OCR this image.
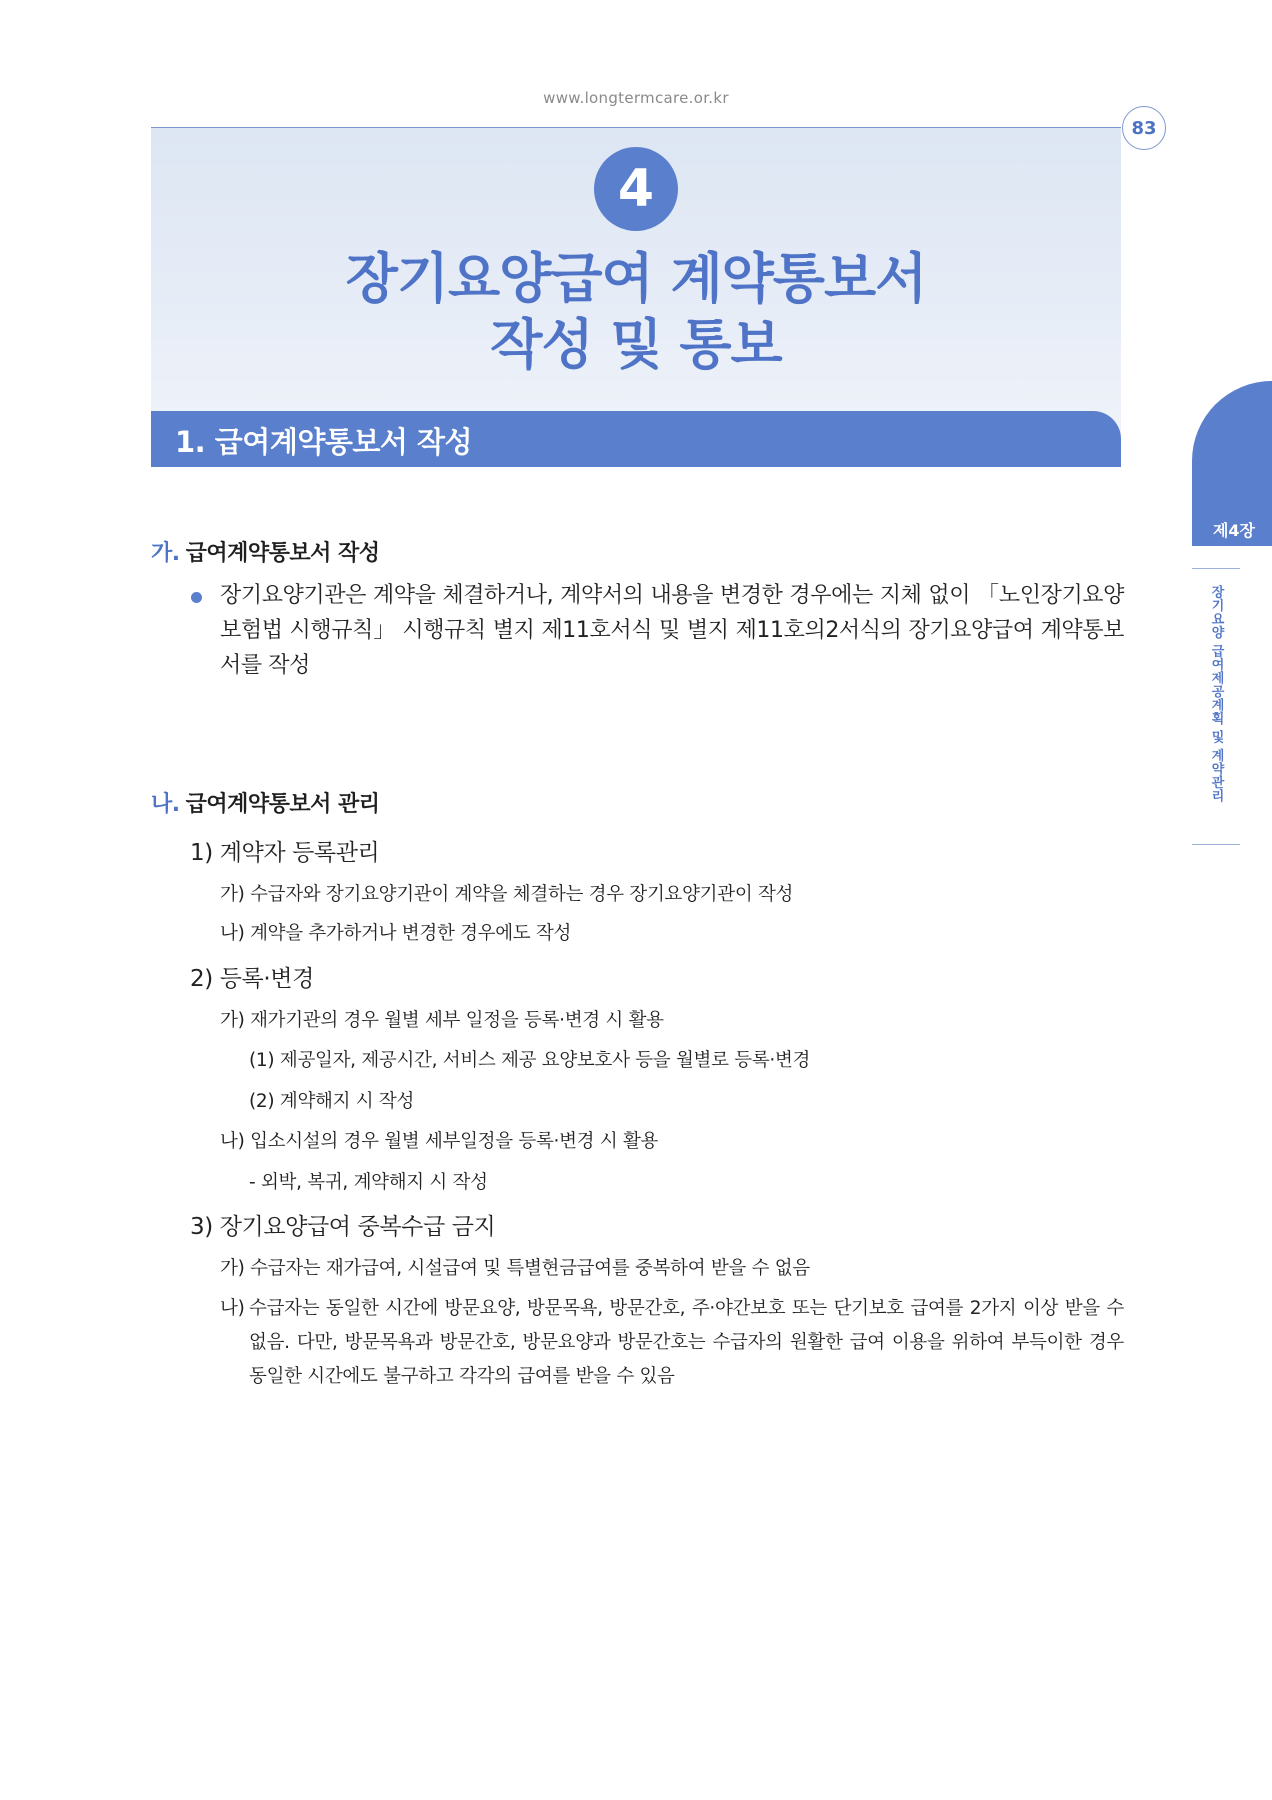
www.longtermcare.or.kr
83
4
장기요양급여 계약통보서
작성 및 통보
1. 급여계약통보서 작성
제4장
장기요양 급여제공계획 및 계약관리
가. 급여계약통보서 작성
장기요양기관은 계약을 체결하거나, 계약서의 내용을 변경한 경우에는 지체 없이 「노인장기요양보험법 시행규칙」 시행규칙 별지 제11호서식 및 별지 제11호의2서식의 장기요양급여 계약통보서를 작성
나. 급여계약통보서 관리
1) 계약자 등록관리
가) 수급자와 장기요양기관이 계약을 체결하는 경우 장기요양기관이 작성
나) 계약을 추가하거나 변경한 경우에도 작성
2) 등록·변경
가) 재가기관의 경우 월별 세부 일정을 등록·변경 시 활용
(1) 제공일자, 제공시간, 서비스 제공 요양보호사 등을 월별로 등록·변경
(2) 계약해지 시 작성
나) 입소시설의 경우 월별 세부일정을 등록·변경 시 활용
- 외박, 복귀, 계약해지 시 작성
3) 장기요양급여 중복수급 금지
가) 수급자는 재가급여, 시설급여 및 특별현금급여를 중복하여 받을 수 없음
나) 수급자는 동일한 시간에 방문요양, 방문목욕, 방문간호, 주·야간보호 또는 단기보호 급여를 2가지 이상 받을 수 없음. 다만, 방문목욕과 방문간호, 방문요양과 방문간호는 수급자의 원활한 급여 이용을 위하여 부득이한 경우 동일한 시간에도 불구하고 각각의 급여를 받을 수 있음
